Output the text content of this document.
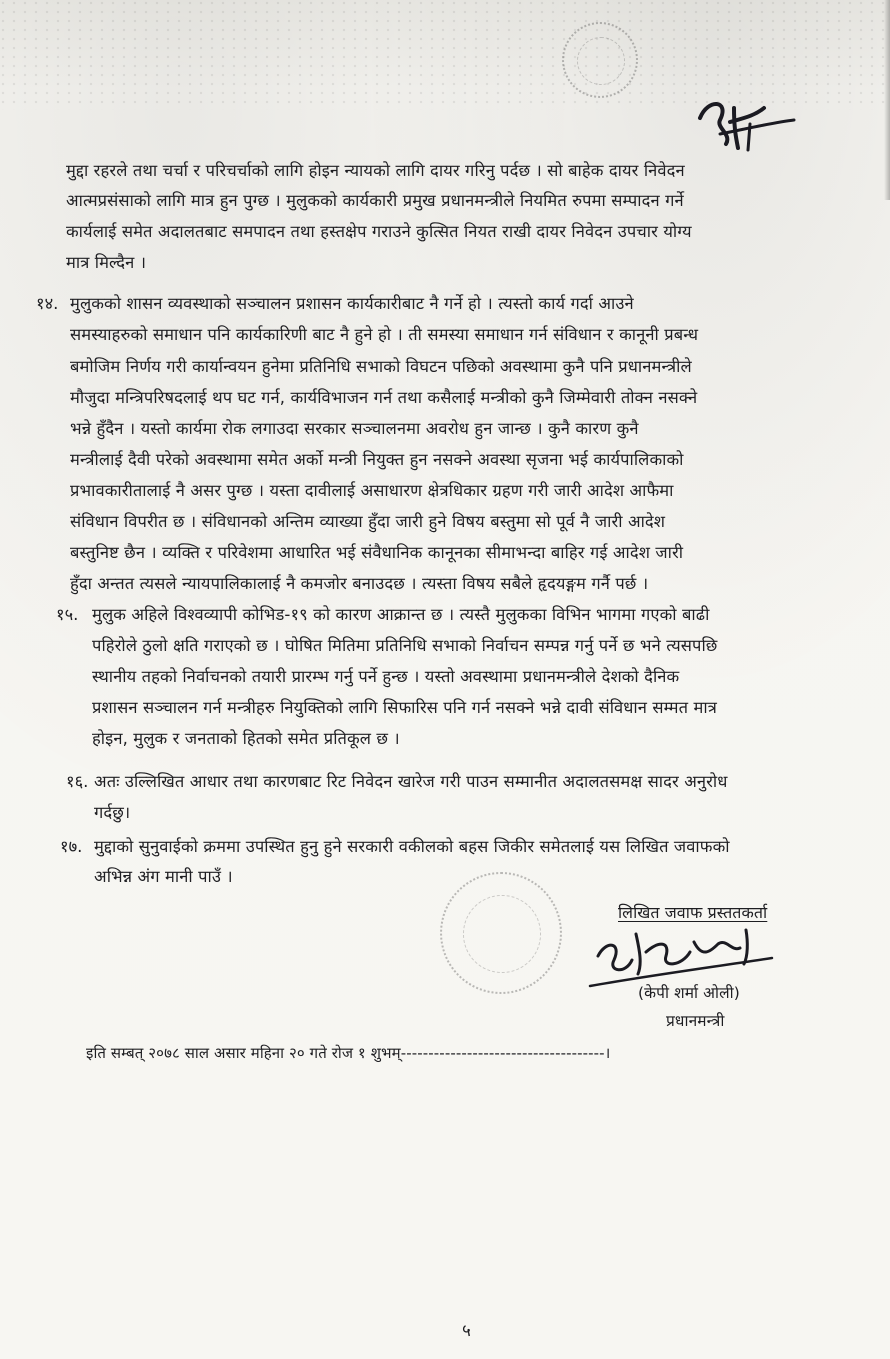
मुद्दा रहरले तथा चर्चा र परिचर्चाको लागि होइन न्यायको लागि दायर गरिनु पर्दछ । सो बाहेक दायर निवेदन
आत्मप्रसंसाको लागि मात्र हुन पुग्छ । मुलुकको कार्यकारी प्रमुख प्रधानमन्त्रीले नियमित रुपमा सम्पादन गर्ने
कार्यलाई समेत अदालतबाट समपादन तथा हस्तक्षेप गराउने कुत्सित नियत राखी दायर निवेदन उपचार योग्य
मात्र मिल्दैन ।
१४. मुलुकको शासन व्यवस्थाको सञ्चालन प्रशासन कार्यकारीबाट नै गर्ने हो । त्यस्तो कार्य गर्दा आउने
समस्याहरुको समाधान पनि कार्यकारिणी बाट नै हुने हो । ती समस्या समाधान गर्न संविधान र कानूनी प्रबन्ध
बमोजिम निर्णय गरी कार्यान्वयन हुनेमा प्रतिनिधि सभाको विघटन पछिको अवस्थामा कुनै पनि प्रधानमन्त्रीले
मौजुदा मन्त्रिपरिषदलाई थप घट गर्न, कार्यविभाजन गर्न तथा कसैलाई मन्त्रीको कुनै जिम्मेवारी तोक्न नसक्ने
भन्ने हुँदैन । यस्तो कार्यमा रोक लगाउदा सरकार सञ्चालनमा अवरोध हुन जान्छ । कुनै कारण कुनै
मन्त्रीलाई दैवी परेको अवस्थामा समेत अर्को मन्त्री नियुक्त हुन नसक्ने अवस्था सृजना भई कार्यपालिकाको
प्रभावकारीतालाई नै असर पुग्छ । यस्ता दावीलाई असाधारण क्षेत्रधिकार ग्रहण गरी जारी आदेश आफैमा
संविधान विपरीत छ । संविधानको अन्तिम व्याख्या हुँदा जारी हुने विषय बस्तुमा सो पूर्व नै जारी आदेश
बस्तुनिष्ट छैन । व्यक्ति र परिवेशमा आधारित भई संवैधानिक कानूनका सीमाभन्दा बाहिर गई आदेश जारी
हुँदा अन्तत त्यसले न्यायपालिकालाई नै कमजोर बनाउदछ । त्यस्ता विषय सबैले हृदयङ्गम गर्नै पर्छ ।
१५. मुलुक अहिले विश्वव्यापी कोभिड-१९ को कारण आक्रान्त छ । त्यस्तै मुलुकका विभिन भागमा गएको बाढी
पहिरोले ठुलो क्षति गराएको छ । घोषित मितिमा प्रतिनिधि सभाको निर्वाचन सम्पन्न गर्नु पर्ने छ भने त्यसपछि
स्थानीय तहको निर्वाचनको तयारी प्रारम्भ गर्नु पर्ने हुन्छ । यस्तो अवस्थामा प्रधानमन्त्रीले देशको दैनिक
प्रशासन सञ्चालन गर्न मन्त्रीहरु नियुक्तिको लागि सिफारिस पनि गर्न नसक्ने भन्ने दावी संविधान सम्मत मात्र
होइन, मुलुक र जनताको हितको समेत प्रतिकूल छ ।
१६. अतः उल्लिखित आधार तथा कारणबाट रिट निवेदन खारेज गरी पाउन सम्मानीत अदालतसमक्ष सादर अनुरोध
गर्दछु।
१७. मुद्दाको सुनुवाईको क्रममा उपस्थित हुनु हुने सरकारी वकीलको बहस जिकीर समेतलाई यस लिखित जवाफको
अभिन्न अंग मानी पाउँ ।
लिखित जवाफ प्रस्ततकर्ता
(केपी शर्मा ओली)
प्रधानमन्त्री
इति सम्बत् २०७८ साल असार महिना २० गते रोज १ शुभम्-------------------------------------।
५
